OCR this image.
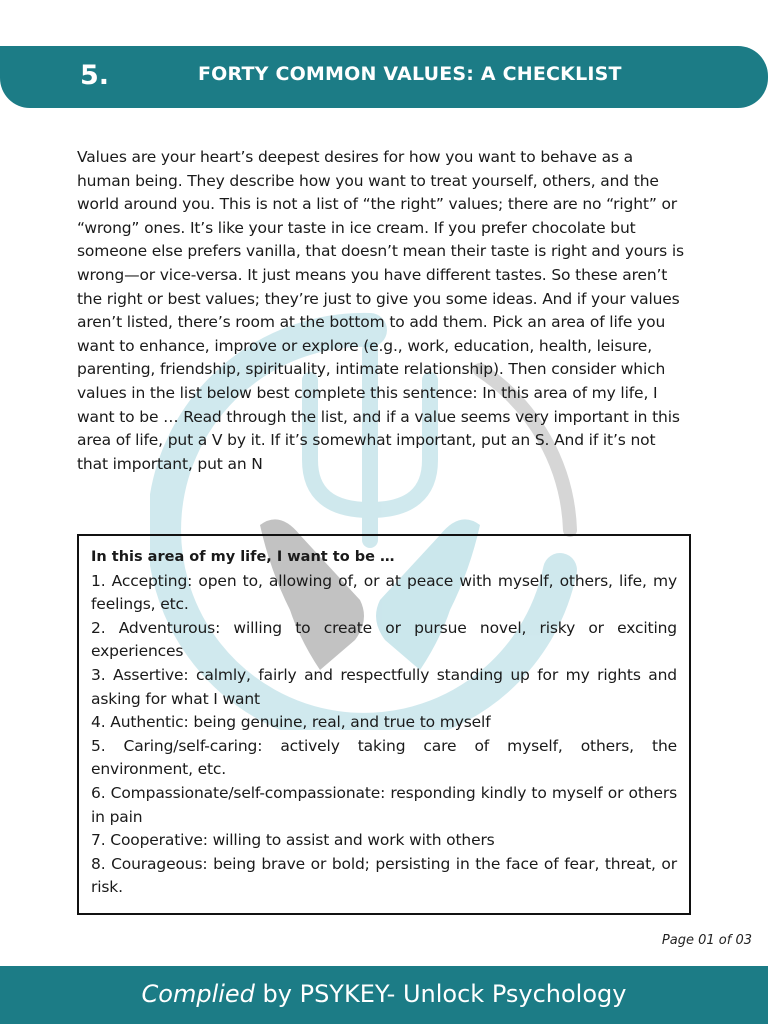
5.	FORTY COMMON VALUES: A CHECKLIST

Values are your heart’s deepest desires for how you want to behave as a human being. They describe how you want to treat yourself, others, and the world around you. This is not a list of “the right” values; there are no “right” or “wrong” ones. It’s like your taste in ice cream. If you prefer chocolate but someone else prefers vanilla, that doesn’t mean their taste is right and yours is wrong—or vice-versa. It just means you have different tastes. So these aren’t the right or best values; they’re just to give you some ideas. And if your values aren’t listed, there’s room at the bottom to add them. Pick an area of life you want to enhance, improve or explore (e.g., work, education, health, leisure, parenting, friendship, spirituality, intimate relationship). Then consider which values in the list below best complete this sentence: In this area of my life, I want to be … Read through the list, and if a value seems very important in this area of life, put a V by it. If it’s somewhat important, put an S. And if it’s not that important, put an N

In this area of my life, I want to be …

1. Accepting: open to, allowing of, or at peace with myself, others, life, my feelings, etc.
2. Adventurous: willing to create or pursue novel, risky or exciting experiences
3. Assertive: calmly, fairly and respectfully standing up for my rights and asking for what I want
4. Authentic: being genuine, real, and true to myself
5. Caring/self-caring: actively taking care of myself, others, the environment, etc.
6. Compassionate/self-compassionate: responding kindly to myself or others in pain
7. Cooperative: willing to assist and work with others
8. Courageous: being brave or bold; persisting in the face of fear, threat, or risk.
Page 01 of 03
Complied by PSYKEY- Unlock Psychology
